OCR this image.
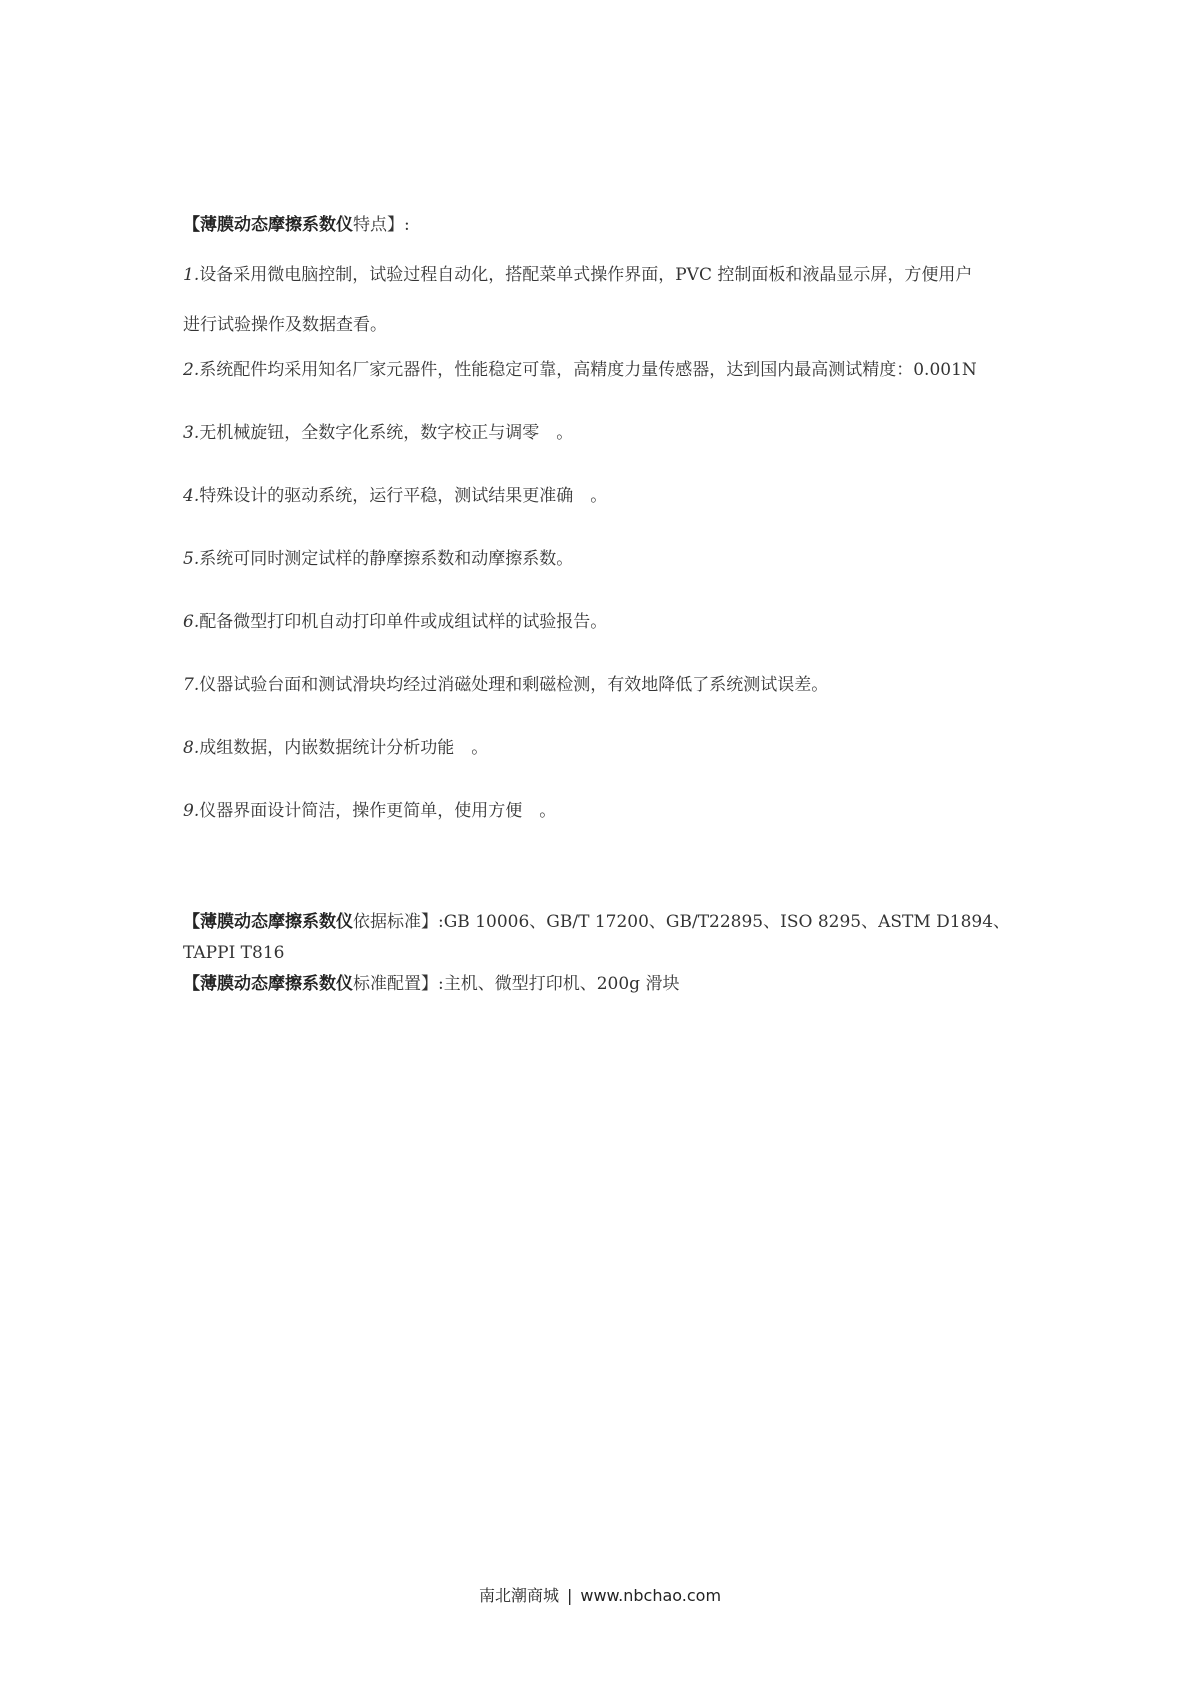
【薄膜动态摩擦系数仪特点】:
1.设备采用微电脑控制，试验过程自动化，搭配菜单式操作界面，PVC 控制面板和液晶显示屏，方便用户
进行试验操作及数据查看。
2.系统配件均采用知名厂家元器件，性能稳定可靠，高精度力量传感器，达到国内最高测试精度：0.001N
3.无机械旋钮，全数字化系统，数字校正与调零　。
4.特殊设计的驱动系统，运行平稳，测试结果更准确　。
5.系统可同时测定试样的静摩擦系数和动摩擦系数。
6.配备微型打印机自动打印单件或成组试样的试验报告。
7.仪器试验台面和测试滑块均经过消磁处理和剩磁检测，有效地降低了系统测试误差。
8.成组数据，内嵌数据统计分析功能　。
9.仪器界面设计简洁，操作更简单，使用方便　。
【薄膜动态摩擦系数仪依据标准】:GB 10006、GB/T 17200、GB/T22895、ISO 8295、ASTM D1894、TAPPI T816
【薄膜动态摩擦系数仪标准配置】:主机、微型打印机、200g 滑块
南北潮商城 | www.nbchao.com
